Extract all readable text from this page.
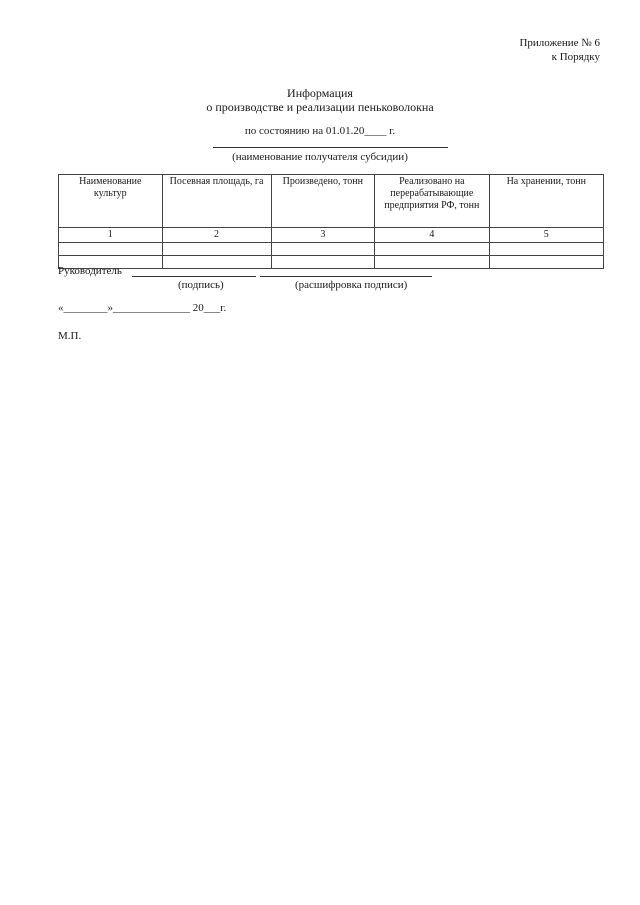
Приложение № 6
к Порядку
Информация
о производстве и реализации пеньковолокна
по состоянию на 01.01.20____ г.
(наименование получателя субсидии)
Наименование культур	Посевная площадь, га	Произведено, тонн	Реализовано на перерабатывающие предприятия РФ, тонн	На хранении, тонн
1	2	3	4	5

Руководитель
(подпись)	(расшифровка подписи)
«________»______________ 20___г.
М.П.
